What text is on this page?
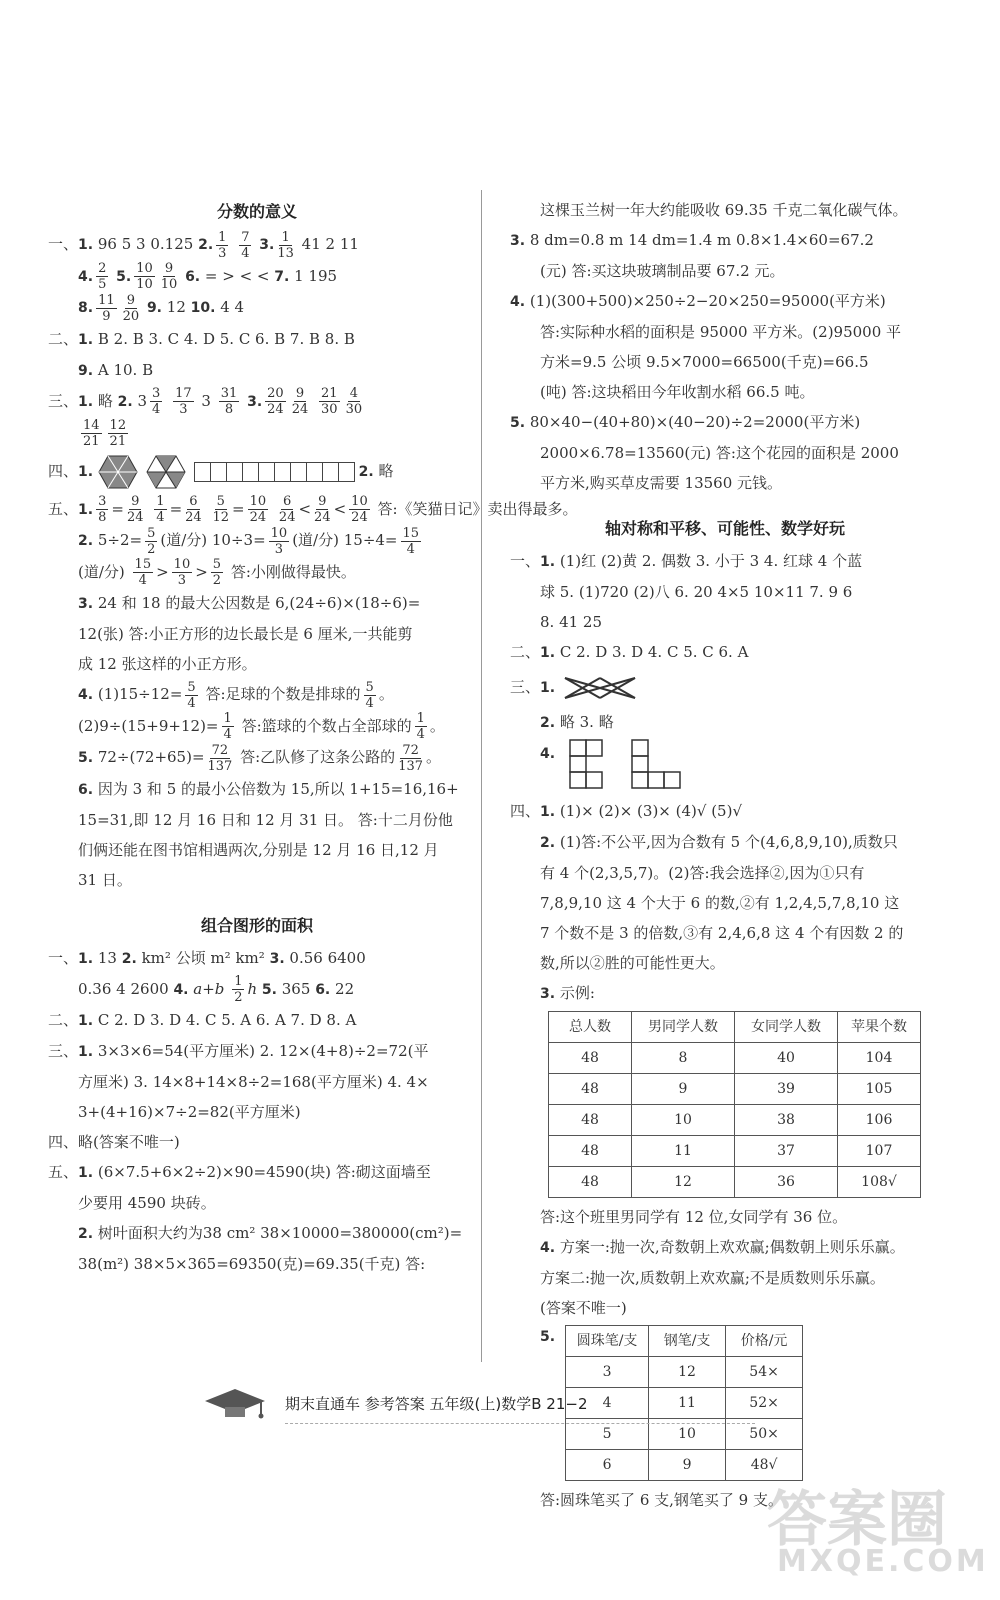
分数的意义
一、1. 96 5 3 0.125 2. $\frac{1}{3}$
$\frac{7}{4} 3$. $\frac{1}{13} 41$ 2 11
4. $\frac{2}{5} 5$. $\frac{10}{10} \frac{9}{10} 6$. = > < < 7. 1 195
8. $\frac{11}{9} \frac{9}{20} 9$. 12 10. 4 4
二、1. B 2. B 3. C 4. D 5. C 6. B 7. B 8. B
9. A 10. B
三、1. 略 2. $3 \frac{3}{4}$
$\frac{17}{3} 3 \frac{31}{8} 3$. $\frac{20}{24} \frac{9}{24}$
$\frac{21}{30} \frac{4}{30}$
$\frac{14}{21} \frac{12}{21}$
四、1.	2. 略
五、1. $\frac{3}{8} = \frac{9}{24}$
$\frac{1}{4} = \frac{6}{24}$
$\frac{5}{12} = \frac{10}{24}$
$\frac{6}{24} < \frac{9}{24} < \frac{10}{24}$ 答:《笑猫日记》卖出得最多。
2. $5\div 2= \frac{5}{2}$ (道/分) $10\div 3= \frac{10}{3}$ (道/分) $15\div 4= \frac{15}{4}$
(道/分) $\frac{15}{4} > \frac{10}{3} > \frac{5}{2}$ 答:小刚做得最快。
3. 24 和 18 的最大公因数是 6,(24÷6)×(18÷6)=
12(张) 答:小正方形的边长最长是 6 厘米,一共能剪
成 12 张这样的小正方形。
4. $(1)15\div 12= \frac{5}{4}$ 答:足球的个数是排球的 $\frac{5}{4}$ 。
$(2)9\div(15+9+12)= \frac{1}{4}$ 答:篮球的个数占全部球的 $\frac{1}{4}$ 。
5. $72\div(72+65)= \frac{72}{137}$ 答:乙队修了这条公路的 $\frac{72}{137}$ 。
6. 因为 3 和 5 的最小公倍数为 15,所以 1+15=16,16+
15=31,即 12 月 16 日和 12 月 31 日。 答:十二月份他
们俩还能在图书馆相遇两次,分别是 12 月 16 日,12 月
31 日。
组合图形的面积
一、1. 13 2. km² 公顷 m² km² 3. 0.56 6400
0.36 4 2600 4. $a+b \frac{1}{2}$ h 5. 365 6. 22
二、1. C 2. D 3. D 4. C 5. A 6. A 7. D 8. A
三、1. 3×3×6=54(平方厘米) 2. 12×(4+8)÷2=72(平
方厘米) 3. 14×8+14×8÷2=168(平方厘米) 4. 4×
3+(4+16)×7÷2=82(平方厘米)
四、略(答案不唯一)
五、1. (6×7.5+6×2÷2)×90=4590(块) 答:砌这面墙至
少要用 4590 块砖。
2. 树叶面积大约为38 cm² 38×10000=380000(cm²)=
38(m²) 38×5×365=69350(克)=69.35(千克) 答:
这棵玉兰树一年大约能吸收 69.35 千克二氧化碳气体。
3. 8 dm=0.8 m 14 dm=1.4 m 0.8×1.4×60=67.2
(元) 答:买这块玻璃制品要 67.2 元。
4. (1)(300+500)×250÷2−20×250=95000(平方米)
答:实际种水稻的面积是 95000 平方米。(2)95000 平
方米=9.5 公顷 9.5×7000=66500(千克)=66.5
(吨) 答:这块稻田今年收割水稻 66.5 吨。
5. 80×40−(40+80)×(40−20)÷2=2000(平方米)
2000×6.78=13560(元) 答:这个花园的面积是 2000
平方米,购买草皮需要 13560 元钱。
轴对称和平移、可能性、数学好玩
一、1. (1)红 (2)黄 2. 偶数 3. 小于 3 4. 红球 4 个蓝
球 5. (1)720 (2)八 6. 20 4×5 10×11 7. 9 6
8. 41 25
二、1. C 2. D 3. D 4. C 5. C 6. A
三、1.
2. 略 3. 略
4.
四、1. (1)× (2)× (3)× (4)√ (5)√
2. (1)答:不公平,因为合数有 5 个(4,6,8,9,10),质数只
有 4 个(2,3,5,7)。(2)答:我会选择②,因为①只有
7,8,9,10 这 4 个大于 6 的数,②有 1,2,4,5,7,8,10 这
7 个数不是 3 的倍数,③有 2,4,6,8 这 4 个有因数 2 的
数,所以②胜的可能性更大。
3. 示例:
总人数	男同学人数	女同学人数	苹果个数
48	8	40	104
48	9	39	105
48	10	38	106
48	11	37	107
48	12	36	108√
答:这个班里男同学有 12 位,女同学有 36 位。
4. 方案一:抛一次,奇数朝上欢欢赢;偶数朝上则乐乐赢。
方案二:抛一次,质数朝上欢欢赢;不是质数则乐乐赢。
(答案不唯一)
5. 圆珠笔/支	钢笔/支	价格/元
3	12	54×
4	11	52×
5	10	50×
6	9	48√
答:圆珠笔买了 6 支,钢笔买了 9 支。
期末直通车 参考答案 五年级(上)数学B 21−2
答案圈
MXQE.COM
